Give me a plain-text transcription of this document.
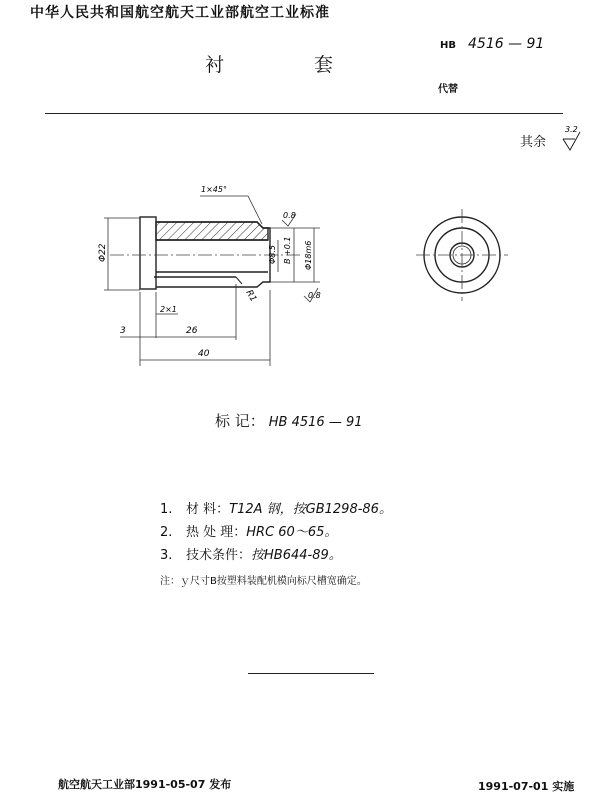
中华人民共和国航空航天工业部航空工业标准
衬 套
HB 4516 — 91
代替
其余
3.2
1×45°
0.8
0.8
Φ22	Φ8.5 B +0.1 Φ18m6
2×1
R1
3	26
40
标 记： HB 4516 — 91
1. 材 料：T12A 钢，按GB1298-86。
2. 热 处 理：HRC 60～65。
3. 技术条件：按HB644-89。
注：ｙ尺寸B按塑料装配机模向标尺槽宽确定。
航空航天工业部1991-05-07 发布	1991-07-01 实施
